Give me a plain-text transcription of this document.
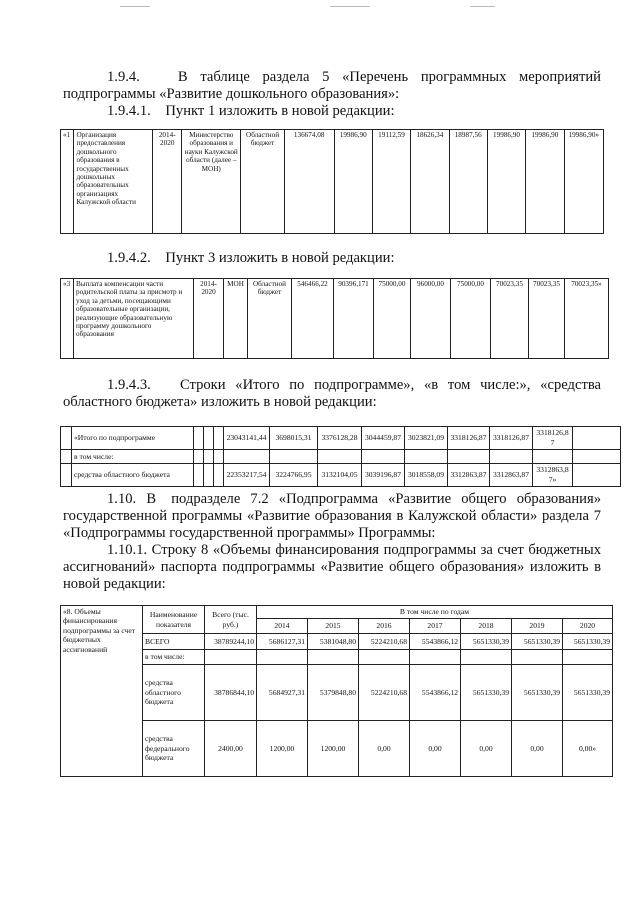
1.9.4.   В таблице раздела 5 «Перечень программных мероприятий подпрограммы «Развитие дошкольного образования»:

1.9.4.1.    Пункт 1 изложить в новой редакции:

«1	Организация предоставления дошкольного образования в государственных дошкольных образовательных организациях Калужской области	2014-2020	Министерство образования и науки Калужской области (далее – МОН)	Областной бюджет	136674,08	19986,90	19112,59	18626,34	18987,56	19986,90	19986,90	19986,90»

1.9.4.2.    Пункт 3 изложить в новой редакции:

«3	Выплата компенсации части родительской платы за присмотр и уход за детьми, посещающими образовательные организации, реализующие образовательную программу дошкольного образования	2014-2020	МОН	Областной бюджет	546466,22	90396,171	75000,00	96000,00	75000,00	70023,35	70023,35	70023,35»

1.9.4.3.   Строки «Итого по подпрограмме», «в том числе:», «средства областного бюджета» изложить в новой редакции:

	«Итого по подпрограмме				23043141,44	3698015,31	3376128,28	3044459,87	3023821,09	3318126,87	3318126,87	3318126,87	
	в том числе:												
	средства областного бюджета				22353217,54	3224766,95	3132104,05	3039196,87	3018558,09	3312863,87	3312863,87	3312863,87»	

1.10.  В   подразделе  7.2  «Подпрограмма  «Развитие  общего  образования» государственной программы «Развитие образования в Калужской области» раздела 7 «Подпрограммы государственной программы» Программы:

1.10.1. Строку 8 «Объемы финансирования подпрограммы за счет бюджетных ассигнований» паспорта подпрограммы «Развитие общего образования» изложить в новой редакции:

«8. Объемы финансирования подпрограммы за счет бюджетных ассигнований	Наименование показателя	Всего (тыс. руб.)	В том числе по годам						
			2014	2015	2016	2017	2018	2019	2020
	ВСЕГО	38789244,10	5686127,31	5381048,80	5224210,68	5543866,12	5651330,39	5651330,39	5651330,39
	в том числе:								
	средства областного бюджета	38786844,10	5684927,31	5379848,80	5224210,68	5543866,12	5651330,39	5651330,39	5651330,39
	средства федерального бюджета	2400,00	1200,00	1200,00	0,00	0,00	0,00	0,00	0,00»
